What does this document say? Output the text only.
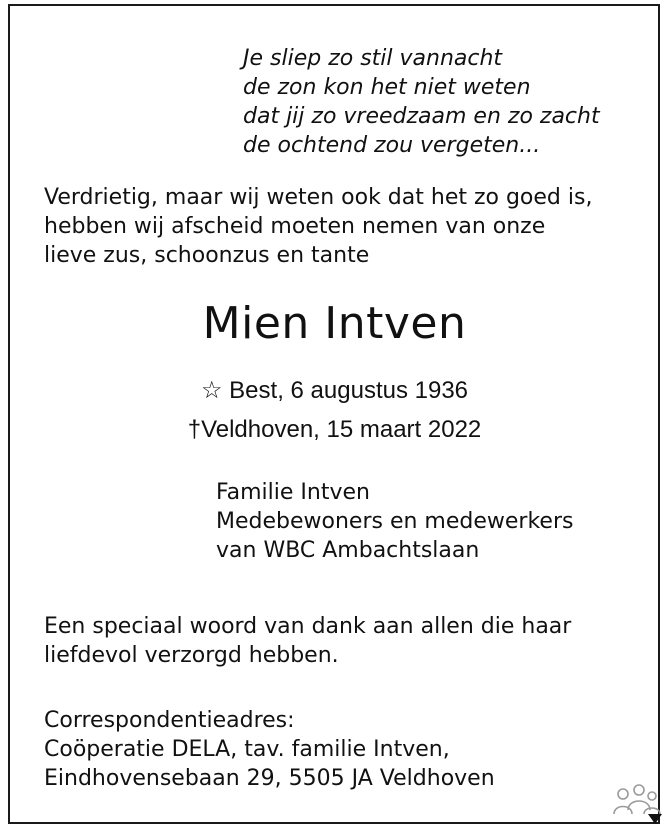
Je sliep zo stil vannacht
de zon kon het niet weten
dat jij zo vreedzaam en zo zacht
de ochtend zou vergeten...
Verdrietig, maar wij weten ook dat het zo goed is,
hebben wij afscheid moeten nemen van onze
lieve zus, schoonzus en tante
Mien Intven
☆ Best, 6 augustus 1936
†Veldhoven, 15 maart 2022
Familie Intven
Medebewoners en medewerkers
van WBC Ambachtslaan
Een speciaal woord van dank aan allen die haar
liefdevol verzorgd hebben.
Correspondentieadres:
Coöperatie DELA, tav. familie Intven,
Eindhovensebaan 29, 5505 JA Veldhoven
